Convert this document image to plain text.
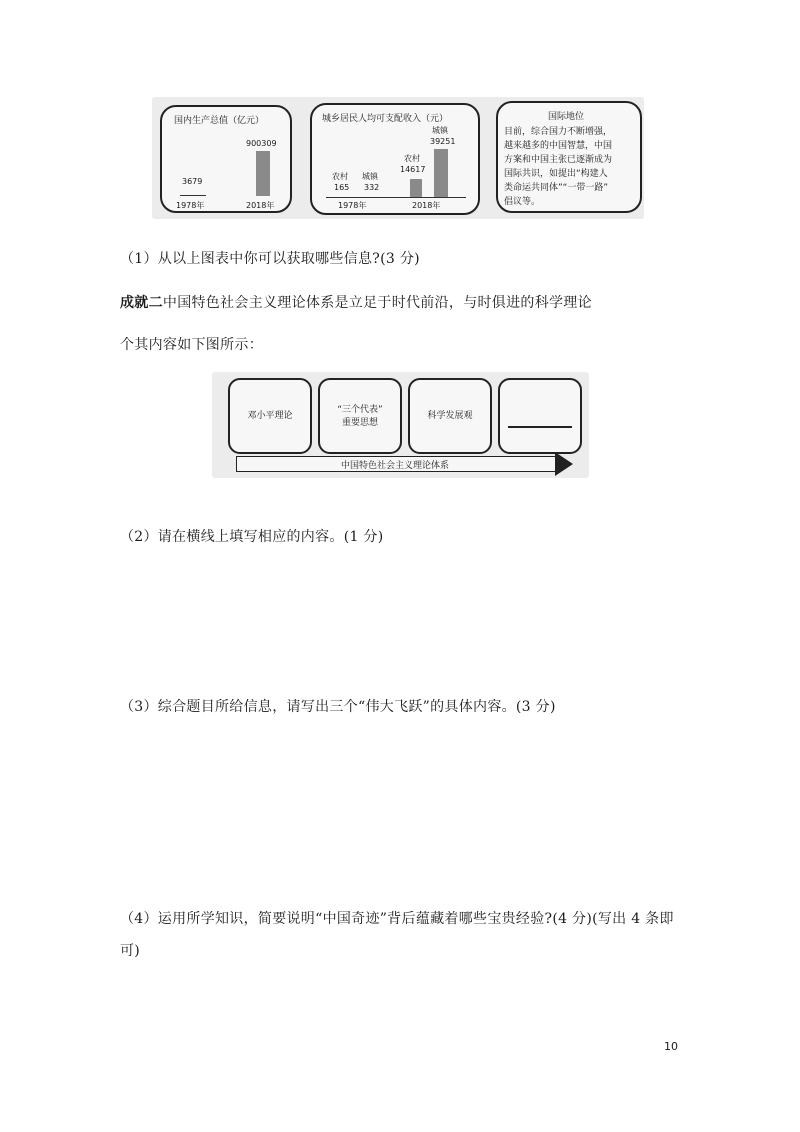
国内生产总值（亿元）
3679
900309
1978年	2018年
城乡居民人均可支配收入（元）
城镇
39251
农村
14617
农村
165
城镇
332
1978年	2018年
国际地位
目前，综合国力不断增强，
越来越多的中国智慧，中国
方案和中国主张已逐渐成为
国际共识，如提出“构建人
类命运共同体”“一带一路”
倡议等。
（1）从以上图表中你可以获取哪些信息?(3 分)
成就二中国特色社会主义理论体系是立足于时代前沿，与时俱进的科学理论
个其内容如下图所示：
邓小平理论
“三个代表”
重要思想
科学发展观
中国特色社会主义理论体系
（2）请在横线上填写相应的内容。(1 分)
（3）综合题目所给信息，请写出三个“伟大飞跃”的具体内容。(3 分)
（4）运用所学知识，简要说明“中国奇迹”背后蕴藏着哪些宝贵经验?(4 分)(写出 4 条即
可)
10
